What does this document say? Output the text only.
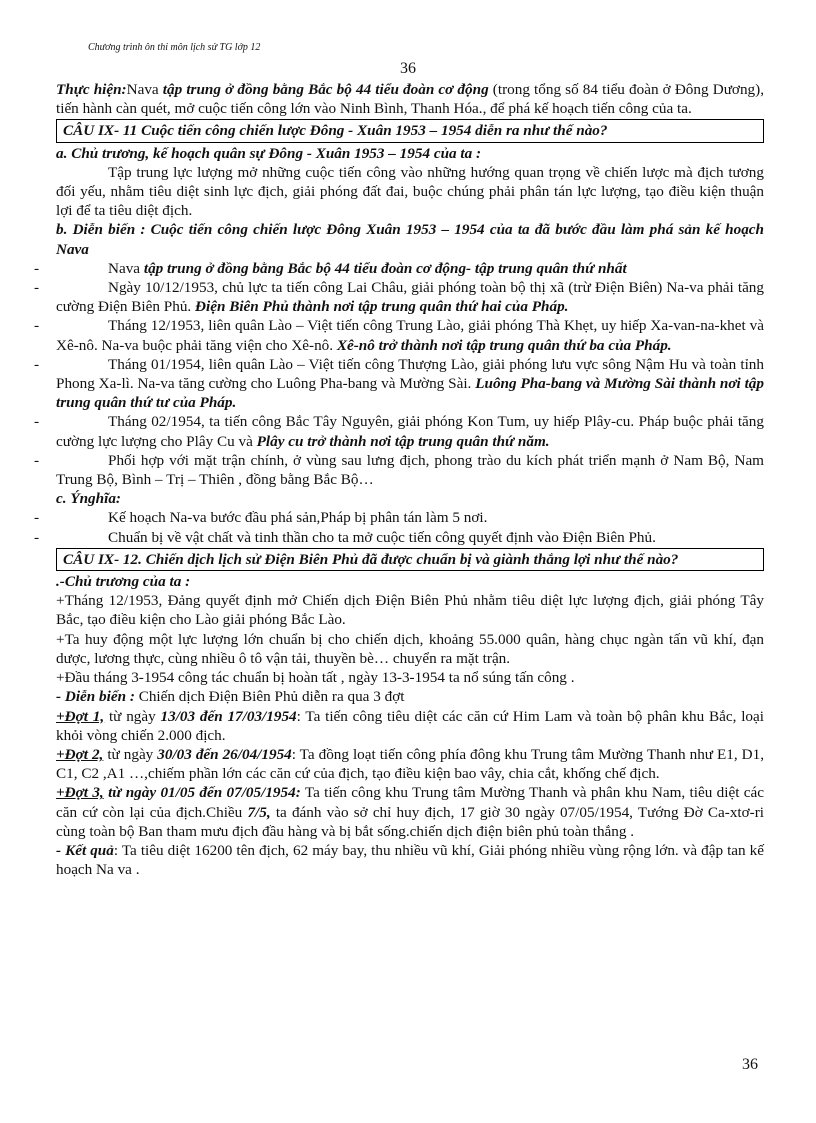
Chương trình ôn thi môn lịch sử TG lớp 12
36

Thực hiện:Nava tập trung ở đồng bằng Bắc bộ 44 tiểu đoàn cơ động (trong tổng số 84 tiểu đoàn ở Đông Dương), tiến hành càn quét, mở cuộc tiến công lớn vào Ninh Bình, Thanh Hóa., để phá kế hoạch tiến công của ta.

CÂU IX- 11 Cuộc tiến công chiến lược Đông - Xuân 1953 – 1954 diễn ra như thế nào?

a. Chủ trương, kế hoạch quân sự Đông - Xuân 1953 – 1954 của ta :

Tập trung lực lượng mở những cuộc tiến công vào những hướng quan trọng về chiến lược mà địch tương đối yếu, nhằm tiêu diệt sinh lực địch, giải phóng đất đai, buộc chúng phải phân tán lực lượng, tạo điều kiện thuận lợi để ta tiêu diệt địch.

b. Diễn biến : Cuộc tiến công chiến lược Đông Xuân 1953 – 1954 của ta đã bước đầu làm phá sản kế hoạch Nava

-	Nava tập trung ở đồng bằng Bắc bộ 44 tiểu đoàn cơ động- tập trung quân thứ nhất

-	Ngày 10/12/1953, chủ lực ta tiến công Lai Châu, giải phóng toàn bộ thị xã (trừ Điện Biên) Na-va phải tăng cường Điện Biên Phủ. Điện Biên Phủ thành nơi tập trung quân thứ hai của Pháp.

-	Tháng 12/1953, liên quân Lào – Việt tiến công Trung Lào, giải phóng Thà Khẹt, uy hiếp Xa-van-na-khet và Xê-nô. Na-va buộc phải tăng viện cho Xê-nô. Xê-nô trở thành nơi tập trung quân thứ ba của Pháp.

-	Tháng 01/1954, liên quân Lào – Việt tiến công Thượng Lào, giải phóng lưu vực sông Nậm Hu và toàn tỉnh Phong Xa-lì. Na-va tăng cường cho Luông Pha-bang và Mường Sài. Luông Pha-bang và Mường Sài thành nơi tập trung quân thứ tư của Pháp.

-	Tháng 02/1954, ta tiến công Bắc Tây Nguyên, giải phóng Kon Tum, uy hiếp Plây-cu. Pháp buộc phải tăng cường lực lượng cho Plây Cu và Plây cu trở thành nơi tập trung quân thứ năm.

-	Phối hợp với mặt trận chính, ở vùng sau lưng địch, phong trào du kích phát triển mạnh ở Nam Bộ, Nam Trung Bộ, Bình – Trị – Thiên , đồng bằng Bắc Bộ…

c. Ýnghĩa:

-	Kế hoạch Na-va bước đầu phá sản,Pháp bị phân tán làm 5 nơi.

-	Chuẩn bị về vật chất và tinh thần cho ta mở cuộc tiến công quyết định vào Điện Biên Phủ.

CÂU IX- 12. Chiến dịch lịch sử Điện Biên Phủ đã được chuẩn bị và giành thắng lợi như thế nào?

.-Chủ trương của ta :

+Tháng 12/1953, Đảng quyết định mở Chiến dịch Điện Biên Phủ nhằm tiêu diệt lực lượng địch, giải phóng Tây Bắc, tạo điều kiện cho Lào giải phóng Bắc Lào.

+Ta huy động một lực lượng lớn chuẩn bị cho chiến dịch, khoảng 55.000 quân, hàng chục ngàn tấn vũ khí, đạn dược, lương thực, cùng nhiều ô tô vận tải, thuyền bè… chuyển ra mặt trận.

+Đầu tháng 3-1954 công tác chuẩn bị hoàn tất , ngày 13-3-1954 ta nổ súng tấn công .

- Diễn biến : Chiến dịch Điện Biên Phủ diễn ra qua 3 đợt

+Đợt 1, từ ngày 13/03 đến 17/03/1954: Ta tiến công tiêu diệt các căn cứ Him Lam và toàn bộ phân khu Bắc, loại khỏi vòng chiến 2.000 địch.

+Đợt 2, từ ngày 30/03 đến 26/04/1954: Ta đồng loạt tiến công phía đông khu Trung tâm Mường Thanh như E1, D1, C1, C2 ,A1 …,chiếm phần lớn các căn cứ của địch, tạo điều kiện bao vây, chia cắt, khống chế địch.

+Đợt 3, từ ngày 01/05 đến 07/05/1954: Ta tiến công khu Trung tâm Mường Thanh và phân khu Nam, tiêu diệt các căn cứ còn lại của địch.Chiều 7/5, ta đánh vào sở chỉ huy địch, 17 giờ 30 ngày 07/05/1954, Tướng Đờ Ca-xtơ-ri cùng toàn bộ Ban tham mưu địch đầu hàng và bị bắt sống.chiến dịch điện biên phủ toàn thắng .

- Kết quả: Ta tiêu diệt 16200 tên địch, 62 máy bay, thu nhiều vũ khí, Giải phóng nhiều vùng rộng lớn. và đập tan kế hoạch Na va .

36
